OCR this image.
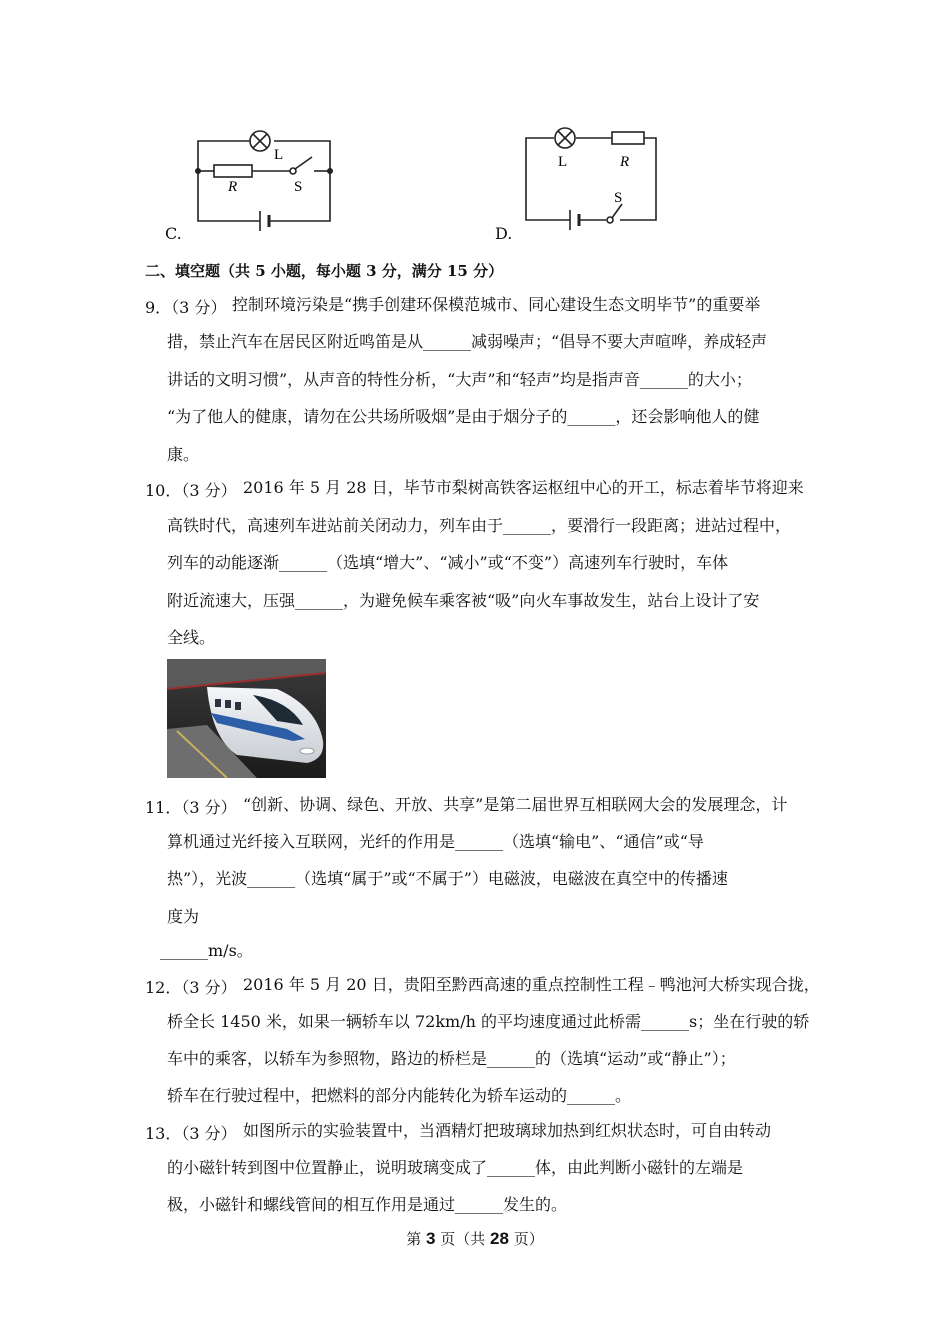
L
R	S
C.
L	R
S
D.
二、填空题（共 5 小题，每小题 3 分，满分 15 分）
9．（3 分） 控制环境污染是“携手创建环保模范城市、同心建设生态文明毕节”的重要举
措，禁止汽车在居民区附近鸣笛是从______减弱噪声；“倡导不要大声喧哗，养成轻声
讲话的文明习惯”，从声音的特性分析，“大声”和“轻声”均是指声音______的大小；
“为了他人的健康，请勿在公共场所吸烟”是由于烟分子的______，还会影响他人的健
康。
10．（3 分） 2016 年 5 月 28 日，毕节市梨树高铁客运枢纽中心的开工，标志着毕节将迎来
高铁时代，高速列车进站前关闭动力，列车由于______，要滑行一段距离；进站过程中，
列车的动能逐渐______（选填“增大”、“减小”或“不变”）高速列车行驶时，车体
附近流速大，压强______，为避免候车乘客被“吸”向火车事故发生，站台上设计了安
全线。
11．（3 分） “创新、协调、绿色、开放、共享”是第二届世界互相联网大会的发展理念，计
算机通过光纤接入互联网，光纤的作用是______（选填“输电”、“通信”或“导
热”），光波______（选填“属于”或“不属于”）电磁波，电磁波在真空中的传播速
度为
______m/s。
12．（3 分） 2016 年 5 月 20 日，贵阳至黔西高速的重点控制性工程﹣鸭池河大桥实现合拢，
桥全长 1450 米，如果一辆轿车以 72km/h 的平均速度通过此桥需______s；坐在行驶的轿
车中的乘客，以轿车为参照物，路边的桥栏是______的（选填“运动”或“静止”）；
轿车在行驶过程中，把燃料的部分内能转化为轿车运动的______。
13．（3 分） 如图所示的实验装置中，当酒精灯把玻璃球加热到红炽状态时，可自由转动
的小磁针转到图中位置静止，说明玻璃变成了______体，由此判断小磁针的左端是
极，小磁针和螺线管间的相互作用是通过______发生的。
第 3 页（共 28 页）
